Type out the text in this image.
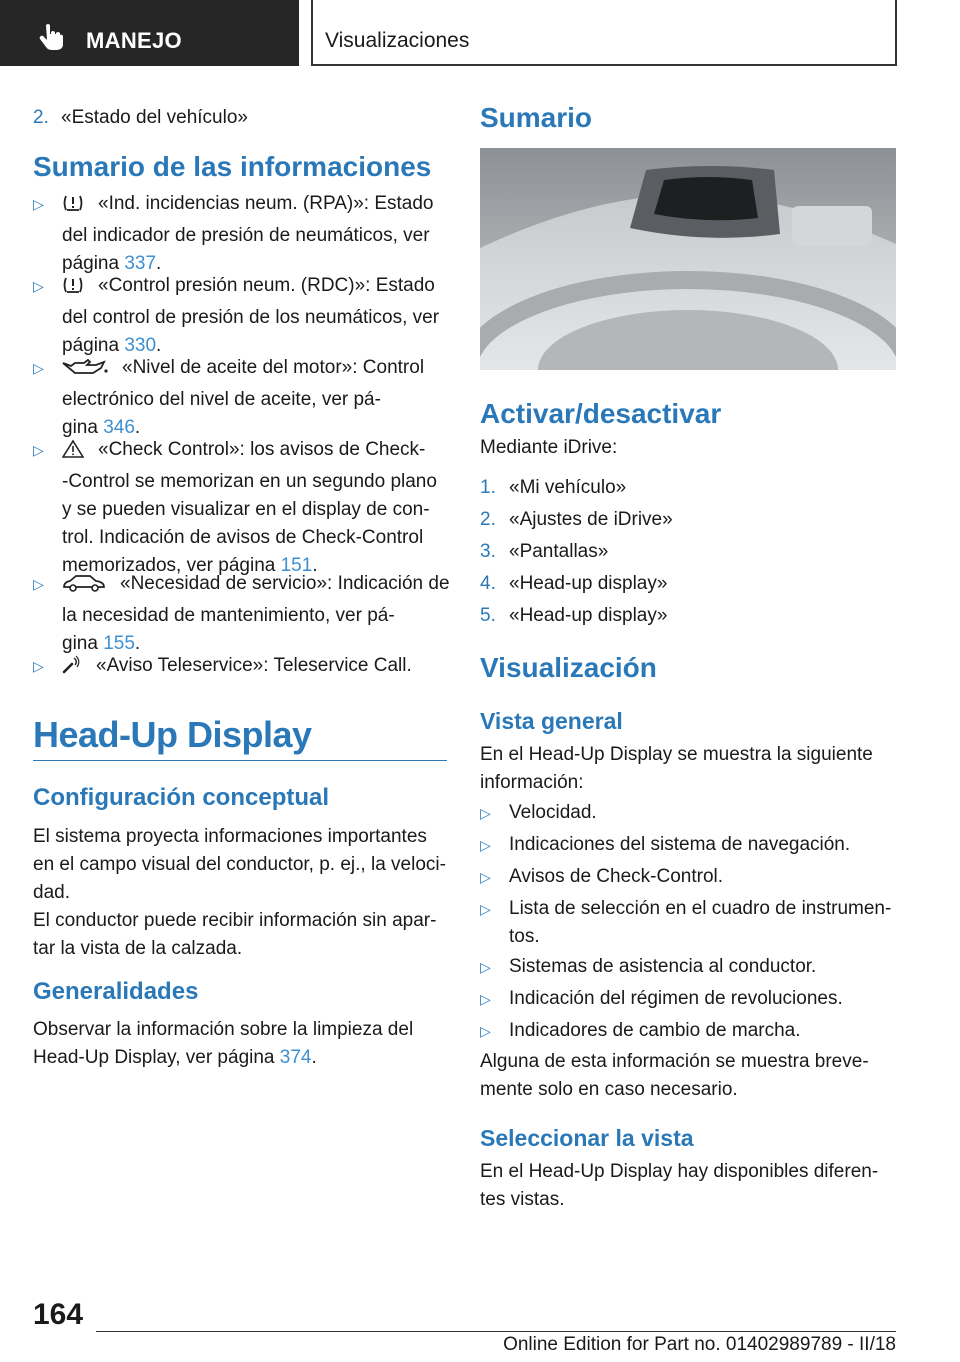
MANEJO	Visualizaciones
2. «Estado del vehículo»
Sumario de las informaciones
▷	«Ind. incidencias neum. (RPA)»: Estado
del indicador de presión de neumáticos, ver
página 337.
▷	«Control presión neum. (RDC)»: Estado
del control de presión de los neumáticos, ver
página 330.
▷	«Nivel de aceite del motor»: Control
electrónico del nivel de aceite, ver pá-
gina 346.
▷	«Check Control»: los avisos de Check-
-Control se memorizan en un segundo plano
y se pueden visualizar en el display de con-
trol. Indicación de avisos de Check-Control
memorizados, ver página 151.
▷	«Necesidad de servicio»: Indicación de
la necesidad de mantenimiento, ver pá-
gina 155.
▷	«Aviso Teleservice»: Teleservice Call.
Head-Up Display
Configuración conceptual
El sistema proyecta informaciones importantes
en el campo visual del conductor, p. ej., la veloci-
dad.
El conductor puede recibir información sin apar-
tar la vista de la calzada.
Generalidades
Observar la información sobre la limpieza del
Head-Up Display, ver página 374.
Sumario
Activar/desactivar
Mediante iDrive:
1. «Mi vehículo»
2. «Ajustes de iDrive»
3. «Pantallas»
4. «Head-up display»
5. «Head-up display»
Visualización
Vista general
En el Head-Up Display se muestra la siguiente
información:
▷ Velocidad.
▷ Indicaciones del sistema de navegación.
▷ Avisos de Check-Control.
▷ Lista de selección en el cuadro de instrumen-
tos.
▷ Sistemas de asistencia al conductor.
▷ Indicación del régimen de revoluciones.
▷ Indicadores de cambio de marcha.
Alguna de esta información se muestra breve-
mente solo en caso necesario.
Seleccionar la vista
En el Head-Up Display hay disponibles diferen-
tes vistas.
164
Online Edition for Part no. 01402989789 - II/18
